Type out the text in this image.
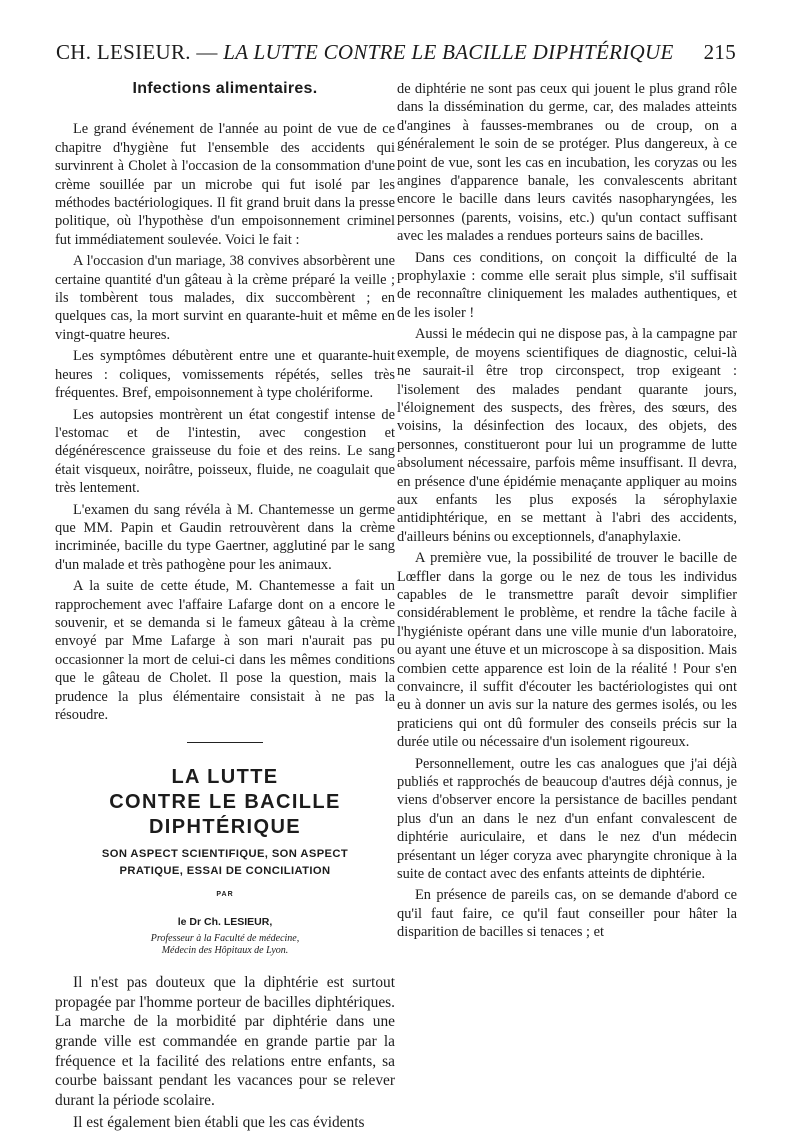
CH. LESIEUR. — LA LUTTE CONTRE LE BACILLE DIPHTÉRIQUE 215
Infections alimentaires.

Le grand événement de l'année au point de vue de ce chapitre d'hygiène fut l'ensemble des accidents qui survinrent à Cholet à l'occasion de la consommation d'une crème souillée par un microbe qui fut isolé par les méthodes bactériologiques. Il fit grand bruit dans la presse politique, où l'hypothèse d'un empoisonnement criminel fut immédiatement soulevée. Voici le fait :

A l'occasion d'un mariage, 38 convives absorbèrent une certaine quantité d'un gâteau à la crème préparé la veille ; ils tombèrent tous malades, dix succombèrent ; en quelques cas, la mort survint en quarante-huit et même en vingt-quatre heures.

Les symptômes débutèrent entre une et quarante-huit heures : coliques, vomissements répétés, selles très fréquentes. Bref, empoisonnement à type cholériforme.

Les autopsies montrèrent un état congestif intense de l'estomac et de l'intestin, avec congestion et dégénérescence graisseuse du foie et des reins. Le sang était visqueux, noirâtre, poisseux, fluide, ne coagulait que très lentement.

L'examen du sang révéla à M. Chantemesse un germe que MM. Papin et Gaudin retrouvèrent dans la crème incriminée, bacille du type Gaertner, agglutiné par le sang d'un malade et très pathogène pour les animaux.

A la suite de cette étude, M. Chantemesse a fait un rapprochement avec l'affaire Lafarge dont on a encore le souvenir, et se demanda si le fameux gâteau à la crème envoyé par Mme Lafarge à son mari n'aurait pas pu occasionner la mort de celui-ci dans les mêmes conditions que le gâteau de Cholet. Il pose la question, mais la prudence la plus élémentaire consistait à ne pas la résoudre.

LA LUTTE
CONTRE LE BACILLE
DIPHTÉRIQUE
SON ASPECT SCIENTIFIQUE, SON ASPECT
PRATIQUE, ESSAI DE CONCILIATION
PAR
le Dr Ch. LESIEUR,
Professeur à la Faculté de médecine,
Médecin des Hôpitaux de Lyon.

Il n'est pas douteux que la diphtérie est surtout propagée par l'homme porteur de bacilles diphtériques. La marche de la morbidité par diphtérie dans une grande ville est commandée en grande partie par la fréquence et la facilité des relations entre enfants, sa courbe baissant pendant les vacances pour se relever durant la période scolaire.

Il est également bien établi que les cas évidents

de diphtérie ne sont pas ceux qui jouent le plus grand rôle dans la dissémination du germe, car, des malades atteints d'angines à fausses-membranes ou de croup, on a généralement le soin de se protéger. Plus dangereux, à ce point de vue, sont les cas en incubation, les coryzas ou les angines d'apparence banale, les convalescents abritant encore le bacille dans leurs cavités nasopharyngées, les personnes (parents, voisins, etc.) qu'un contact suffisant avec les malades a rendues porteurs sains de bacilles.

Dans ces conditions, on conçoit la difficulté de la prophylaxie : comme elle serait plus simple, s'il suffisait de reconnaître cliniquement les malades authentiques, et de les isoler !

Aussi le médecin qui ne dispose pas, à la campagne par exemple, de moyens scientifiques de diagnostic, celui-là ne saurait-il être trop circonspect, trop exigeant : l'isolement des malades pendant quarante jours, l'éloignement des suspects, des frères, des sœurs, des voisins, la désinfection des locaux, des objets, des personnes, constitueront pour lui un programme de lutte absolument nécessaire, parfois même insuffisant. Il devra, en présence d'une épidémie menaçante appliquer au moins aux enfants les plus exposés la sérophylaxie antidiphtérique, en se mettant à l'abri des accidents, d'ailleurs bénins ou exceptionnels, d'anaphylaxie.

A première vue, la possibilité de trouver le bacille de Lœffler dans la gorge ou le nez de tous les individus capables de le transmettre paraît devoir simplifier considérablement le problème, et rendre la tâche facile à l'hygiéniste opérant dans une ville munie d'un laboratoire, ou ayant une étuve et un microscope à sa disposition. Mais combien cette apparence est loin de la réalité ! Pour s'en convaincre, il suffit d'écouter les bactériologistes qui ont eu à donner un avis sur la nature des germes isolés, ou les praticiens qui ont dû formuler des conseils précis sur la durée utile ou nécessaire d'un isolement rigoureux.

Personnellement, outre les cas analogues que j'ai déjà publiés et rapprochés de beaucoup d'autres déjà connus, je viens d'observer encore la persistance de bacilles pendant plus d'un an dans le nez d'un enfant convalescent de diphtérie auriculaire, et dans le nez d'un médecin présentant un léger coryza avec pharyngite chronique à la suite de contact avec des enfants atteints de diphtérie.

En présence de pareils cas, on se demande d'abord ce qu'il faut faire, ce qu'il faut conseiller pour hâter la disparition de bacilles si tenaces ; et
